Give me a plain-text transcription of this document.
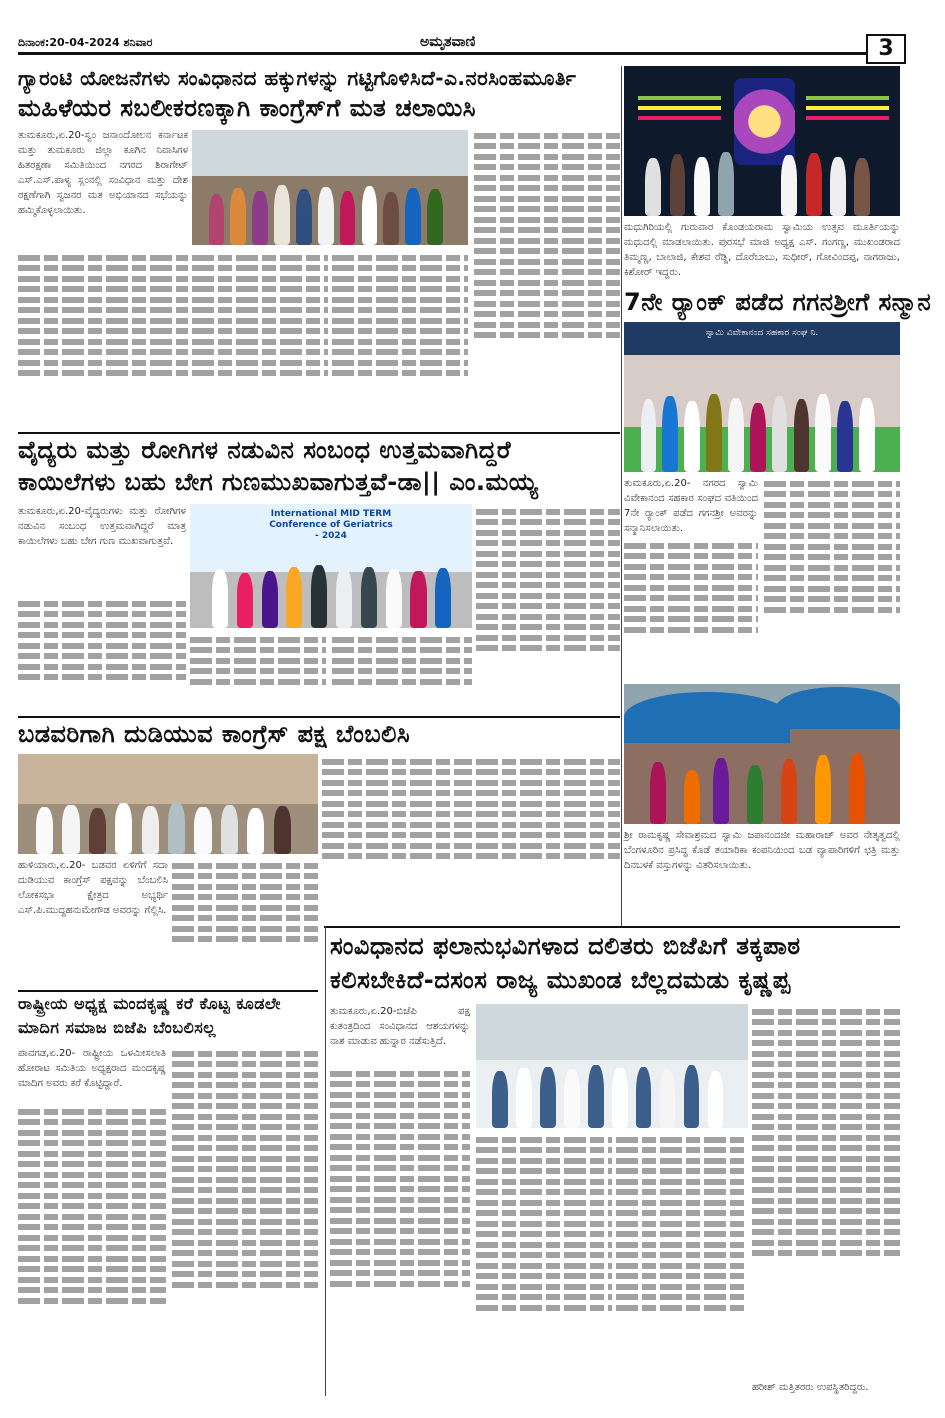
ದಿನಾಂಕ:20-04-2024 ಶನಿವಾರ	ಅಮೃತವಾಣಿ	3
ಗ್ಯಾರಂಟಿ ಯೋಜನೆಗಳು ಸಂವಿಧಾನದ ಹಕ್ಕುಗಳನ್ನು ಗಟ್ಟಿಗೊಳಿಸಿದೆ-ಎ.ನರಸಿಂಹಮೂರ್ತಿ
ಮಹಿಳೆಯರ ಸಬಲೀಕರಣಕ್ಕಾಗಿ ಕಾಂಗ್ರೆಸ್‌ಗೆ ಮತ ಚಲಾಯಿಸಿ
ತುಮಕೂರು,ಏ.20-ಸ್ವಂ ಜನಾಂದೋಲನ ಕರ್ನಾಟಕ ಮತ್ತು ತುಮಕೂರು ಜಿಲ್ಲಾ ಕೂಗಿನ ನಿವಾಸಿಗಳ ಹಿತರಕ್ಷಣಾ ಸಮಿತಿಯಿಂದ ನಗರದ ಶಿರಾಗೇಟ್ ಎಸ್.ಎಸ್.ಪಾಳ್ಯ ಸ್ಲಂನಲ್ಲಿ ಸಂವಿಧಾನ ಮತ್ತು ದೇಶ ರಕ್ಷಣೆಗಾಗಿ ಸ್ವಜನರ ಮತ ಅಭಿಯಾನದ ಸಭೆಯನ್ನು ಹಮ್ಮಿಕೊಳ್ಳಲಾಯಿತು.
ಮಧುಗಿರಿಯಲ್ಲಿ ಗುರುವಾರ ಕೊಂಡಯರಾಮ ಸ್ವಾಮಿಯ ಉತ್ಸವ ಮೂರ್ತಿಯನ್ನು ಮಧುದಲ್ಲಿ ಮಾಡಲಾಯಿತು. ಪುರಸಭೆ ಮಾಜಿ ಅಧ್ಯಕ್ಷ ಎಸ್. ಗಂಗಣ್ಣ, ಮುಖಂಡರಾದ ತಿಮ್ಮಣ್ಣ, ಬಾಲಾಜಿ, ಕೇಶವ ರೆಡ್ಡಿ, ದೊರೆಬಾಬು, ಸುಧೀರ್, ಗೋವಿಂದಪ್ಪ, ನಾಗರಾಜು, ಕಿಶೋರ್ ಇದ್ದರು.
7ನೇ ರ್‍ಯಾಂಕ್ ಪಡೆದ ಗಗನಶ್ರೀಗೆ ಸನ್ಮಾನ
ಸ್ವಾಮಿ ವಿವೇಕಾನಂದ ಸಹಕಾರ ಸಂಘ ನಿ.
ತುಮಕೂರು,ಏ.20- ನಗರದ ಸ್ವಾಮಿ ವಿವೇಕಾನಂದ ಸಹಕಾರ ಸಂಘದ ವತಿಯಿಂದ 7ನೇ ರ್‍ಯಾಂಕ್ ಪಡೆದ ಗಗನಶ್ರೀ ಅವರನ್ನು ಸನ್ಮಾನಿಸಲಾಯಿತು.
ವೈದ್ಯರು ಮತ್ತು ರೋಗಿಗಳ ನಡುವಿನ ಸಂಬಂಧ ಉತ್ತಮವಾಗಿದ್ದರೆ
ಕಾಯಿಲೆಗಳು ಬಹು ಬೇಗ ಗುಣಮುಖವಾಗುತ್ತವೆ-ಡಾ|| ಎಂ.ಮಯ್ಯ
ತುಮಕೂರು,ಏ.20-ವೈದ್ಯರುಗಳು ಮತ್ತು ರೋಗಿಗಳ ನಡುವಿನ ಸಂಬಂಧ ಉತ್ತಮವಾಗಿದ್ದರೆ ಮಾತ್ರ ಕಾಯಿಲೆಗಳು ಬಹು ಬೇಗ ಗುಣ ಮುಖವಾಗುತ್ತವೆ.
International MID TERM Conference of Geriatrics - 2024
ಶ್ರೀ ರಾಮಕೃಷ್ಣ ಸೇವಾಶ್ರಮದ ಸ್ವಾಮಿ ಜಪಾನಂದಜೀ ಮಹಾರಾಜ್ ಅವರ ನೇತೃತ್ವದಲ್ಲಿ ಬೆಂಗಳೂರಿನ ಪ್ರಸಿದ್ಧ ಕೊಡೆ ತಯಾರಿಕಾ ಕಂಪನಿಯಿಂದ ಬಡ ವ್ಯಾಪಾರಿಗಳಿಗೆ ಛತ್ರಿ ಮತ್ತು ದಿನಬಳಕೆ ವಸ್ತುಗಳನ್ನು ವಿತರಿಸಲಾಯಿತು.
ಬಡವರಿಗಾಗಿ ದುಡಿಯುವ ಕಾಂಗ್ರೆಸ್ ಪಕ್ಷ ಬೆಂಬಲಿಸಿ
ಹುಳಿಯಾರು,ಏ.20- ಬಡವರ ಏಳಿಗೆಗೆ ಸದಾ ದುಡಿಯುವ ಕಾಂಗ್ರೆಸ್ ಪಕ್ಷವನ್ನು ಬೆಂಬಲಿಸಿ ಲೋಕಸಭಾ ಕ್ಷೇತ್ರದ ಅಭ್ಯರ್ಥಿ ಎಸ್.ಪಿ.ಮುದ್ದಹನುಮೇಗೌಡ ಅವರನ್ನು ಗೆಲ್ಲಿಸಿ.
ರಾಷ್ಟ್ರೀಯ ಅಧ್ಯಕ್ಷ ಮಂದಕೃಷ್ಣ ಕರೆ ಕೊಟ್ಟ ಕೂಡಲೇ
ಮಾದಿಗ ಸಮಾಜ ಬಿಜೆಪಿ ಬೆಂಬಲಿಸಲ್ಲ
ಪಾವಗಡ,ಏ.20- ರಾಷ್ಟ್ರೀಯ ಒಳಮೀಸಲಾತಿ ಹೋರಾಟ ಸಮಿತಿಯ ಅಧ್ಯಕ್ಷರಾದ ಮಂದಕೃಷ್ಣ ಮಾದಿಗ ಅವರು ಕರೆ ಕೊಟ್ಟಿದ್ದಾರೆ.
ಸಂವಿಧಾನದ ಫಲಾನುಭವಿಗಳಾದ ದಲಿತರು ಬಿಜೆಪಿಗೆ ತಕ್ಕಪಾಠ
ಕಲಿಸಬೇಕಿದೆ-ದಸಂಸ ರಾಜ್ಯ ಮುಖಂಡ ಬೆಲ್ಲದಮಡು ಕೃಷ್ಣಪ್ಪ
ತುಮಕೂರು,ಏ.20-ಬಿಜೆಪಿ ಪಕ್ಷ ಕುತಂತ್ರದಿಂದ ಸಂವಿಧಾನದ ಆಶಯಗಳನ್ನು ನಾಶ ಮಾಡುವ ಹುನ್ನಾರ ನಡೆಸುತ್ತಿದೆ.
ಹರೀಶ್ ಮತ್ತಿತರರು ಉಪಸ್ಥಿತರಿದ್ದರು.
